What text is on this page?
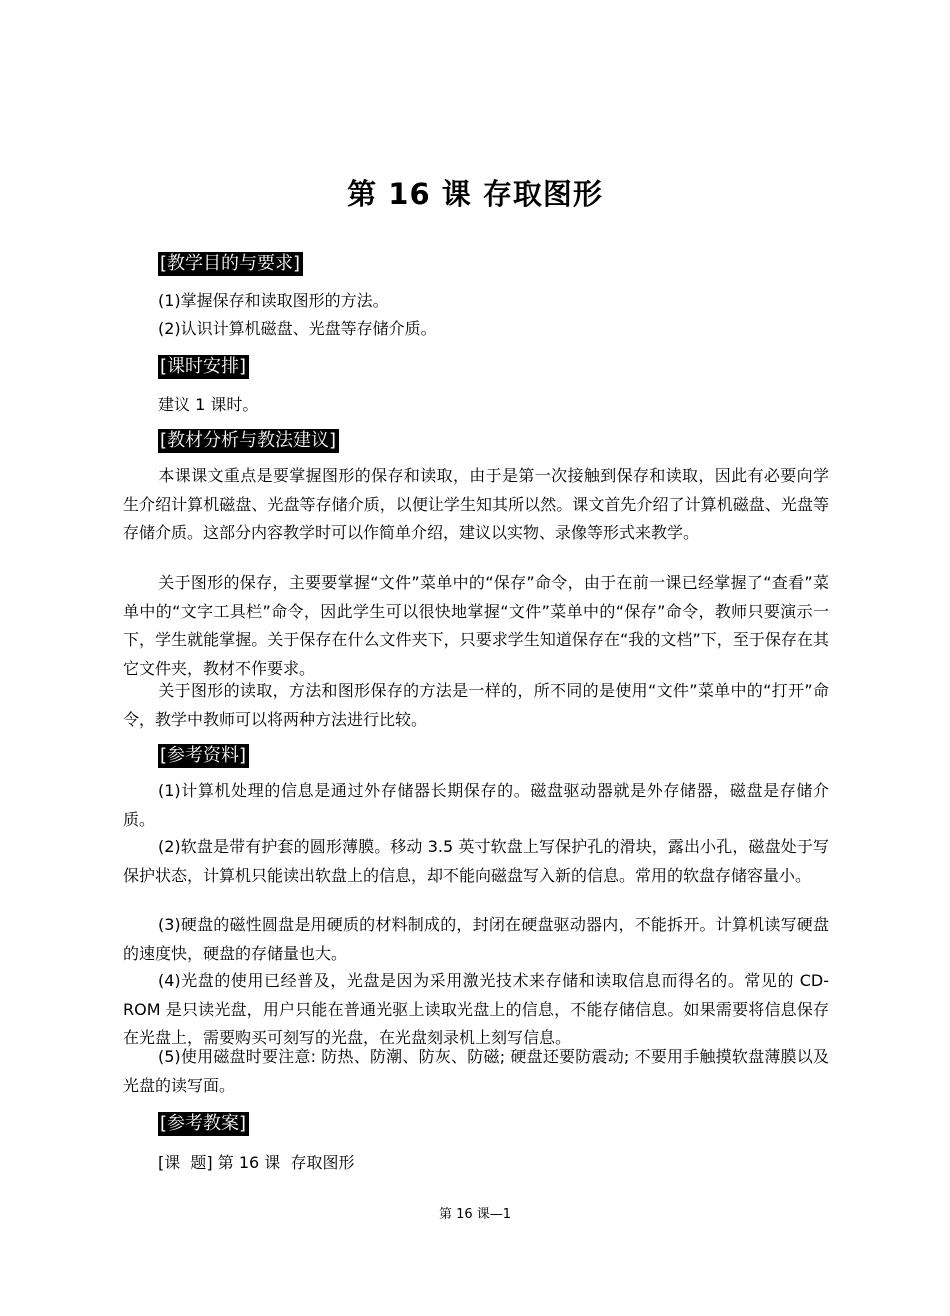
第 16 课 存取图形
[教学目的与要求]
(1)掌握保存和读取图形的方法。
(2)认识计算机磁盘、光盘等存储介质。
[课时安排]
建议 1 课时。
[教材分析与教法建议]
本课课文重点是要掌握图形的保存和读取，由于是第一次接触到保存和读取，因此有必要向学生介绍计算机磁盘、光盘等存储介质，以便让学生知其所以然。课文首先介绍了计算机磁盘、光盘等存储介质。这部分内容教学时可以作简单介绍，建议以实物、录像等形式来教学。
关于图形的保存，主要要掌握“文件”菜单中的“保存”命令，由于在前一课已经掌握了“查看”菜单中的“文字工具栏”命令，因此学生可以很快地掌握“文件”菜单中的“保存”命令，教师只要演示一下，学生就能掌握。关于保存在什么文件夹下，只要求学生知道保存在“我的文档”下，至于保存在其它文件夹，教材不作要求。
关于图形的读取，方法和图形保存的方法是一样的，所不同的是使用“文件”菜单中的“打开”命令，教学中教师可以将两种方法进行比较。
[参考资料]
(1)计算机处理的信息是通过外存储器长期保存的。磁盘驱动器就是外存储器，磁盘是存储介质。
(2)软盘是带有护套的圆形薄膜。移动 3.5 英寸软盘上写保护孔的滑块，露出小孔，磁盘处于写保护状态，计算机只能读出软盘上的信息，却不能向磁盘写入新的信息。常用的软盘存储容量小。
(3)硬盘的磁性圆盘是用硬质的材料制成的，封闭在硬盘驱动器内，不能拆开。计算机读写硬盘的速度快，硬盘的存储量也大。
(4)光盘的使用已经普及，光盘是因为采用激光技术来存储和读取信息而得名的。常见的 CD-ROM 是只读光盘，用户只能在普通光驱上读取光盘上的信息，不能存储信息。如果需要将信息保存在光盘上，需要购买可刻写的光盘，在光盘刻录机上刻写信息。
(5)使用磁盘时要注意: 防热、防潮、防灰、防磁; 硬盘还要防震动; 不要用手触摸软盘薄膜以及光盘的读写面。
[参考教案]
[课  题] 第 16 课  存取图形
第 16 课—1
